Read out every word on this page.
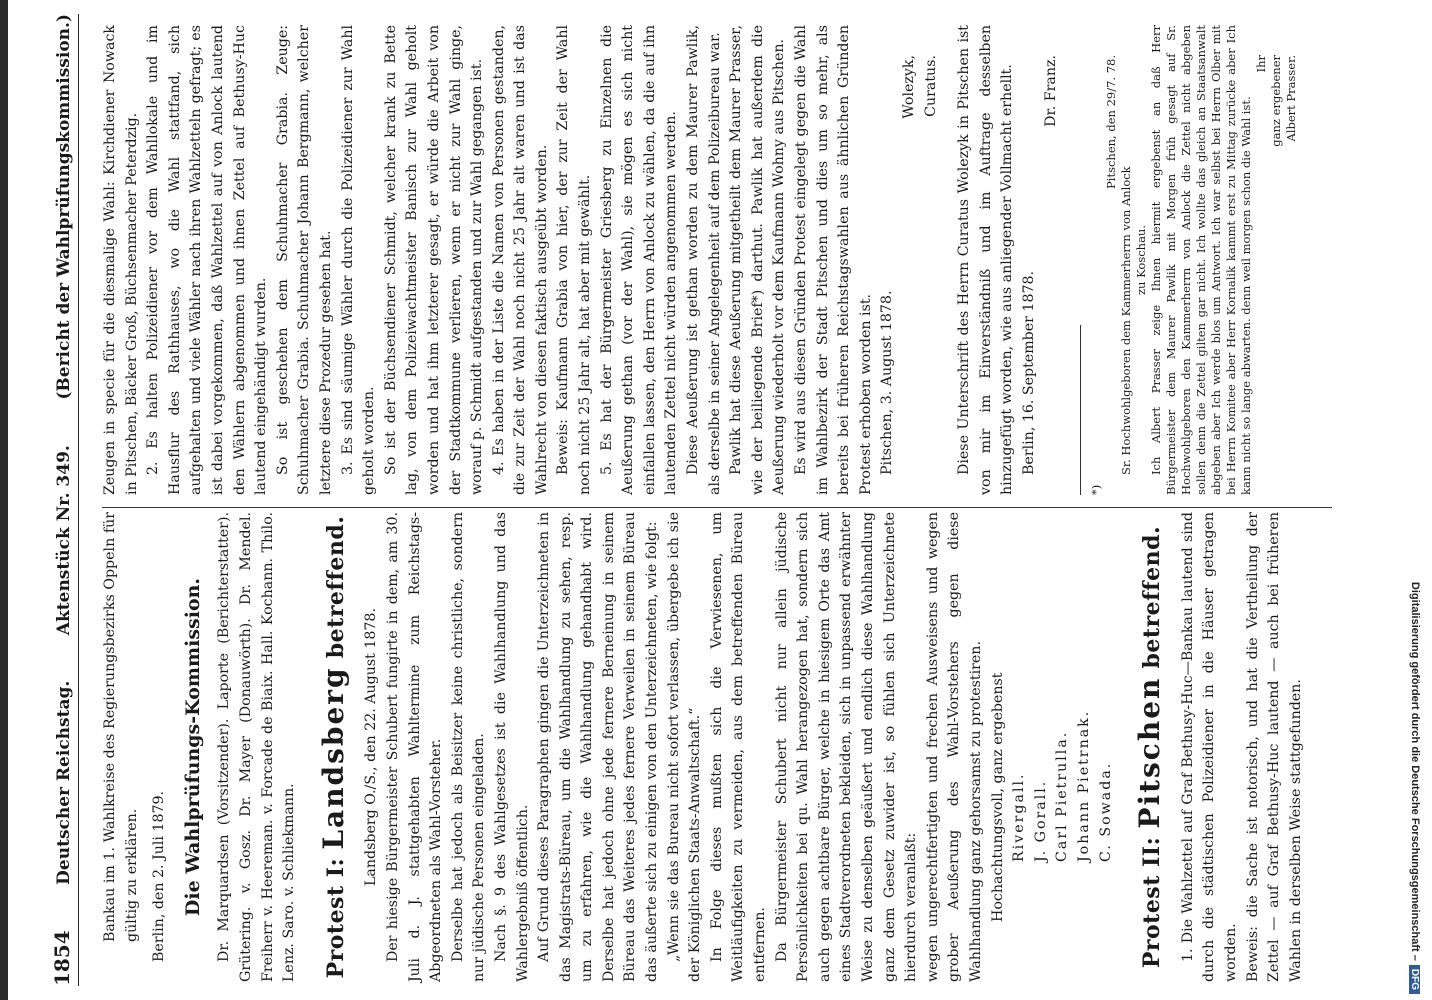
Digitalisierung gefördert durch die Deutsche Forschungsgemeinschaft –
DFG
1854
Deutscher Reichstag.
Aktenstück Nr. 349.
(Bericht der Wahlprüfungskommission.)

Bankau im 1. Wahlkreise des Regierungsbezirks Oppeln für gültig zu erklären. Berlin, den 2. Juli 1879. Die Wahlprüfungs-Kommission. Dr. Marquardsen (Vorsitzender). Laporte (Berichterstatter). Grütering. v. Gosz. Dr. Mayer (Donauwörth). Dr. Mendel. Freiherr v. Heereman. v. Forcade de Biaix. Hall. Kochann. Thilo. Lenz. Saro. v. Schliekmann. Protest I: Landsberg betreffend.

Landsberg O./S., den 22. August 1878. Der hiesige Bürgermeister Schubert fungirte in dem, am 30. Juli d. J. stattgehabten Wahltermine zum Reichstags-Abgeordneten als Wahl-Vorsteher. Derselbe hat jedoch als Beisitzer keine christliche, sondern nur jüdische Personen eingeladen. Nach §. 9 des Wahlgesetzes ist die Wahlhandlung und das Wahlergebniß öffentlich. Auf Grund dieses Paragraphen gingen die Unterzeichneten in das Magistrats-Büreau, um die Wahlhandlung zu sehen, resp. um zu erfahren, wie die Wahlhandlung gehandhabt wird. Derselbe hat jedoch ohne jede fernere Berneinung in seinem Büreau das Weiteres jedes fernere Verweilen in seinem Büreau das äußerte sich zu einigen von den Unterzeichneten, wie folgt: „Wenn sie das Bureau nicht sofort verlassen, übergebe ich sie der Königlichen Staats-Anwaltschaft.“ In Folge dieses mußten sich die Verwiesenen, um Weitläufigkeiten zu vermeiden, aus dem betreffenden Büreau entfernen. Da Bürgermeister Schubert nicht nur allein jüdische Persönlichkeiten bei qu. Wahl herangezogen hat, sondern sich auch gegen achtbare Bürger, welche in hiesigem Orte das Amt eines Stadtverordneten bekleiden, sich in unpassend erwähnter Weise zu denselben geäußert und endlich diese Wahlhandlung ganz dem Gesetz zuwider ist, so fühlen sich Unterzeichnete hierdurch veranlaßt: wegen ungerechtfertigten und frechen Ausweisens und wegen grober Aeußerung des Wahl-Vorstehers gegen diese Wahlhandlung ganz gehorsamst zu protestiren. Hochachtungsvoll, ganz ergebenst Rivergall. J. Gorall. Carl Pietrulla. Johann Pietrnak. C. Sowada.
Protest II: Pitschen betreffend. 1. Die Wahlzettel auf Graf Bethusy-Huc—Bankau lautend sind durch die städtischen Polizeidiener in die Häuser getragen worden. Beweis: die Sache ist notorisch, und hat die Vertheilung der Zettel — auf Graf Bethusy-Huc lautend — auch bei früheren Wahlen in derselben Weise stattgefunden.

Zeugen in specie für die diesmalige Wahl: Kirchdiener Nowack in Pitschen, Bäcker Groß, Büchsenmacher Peterdzig. 2. Es halten Polizeidiener vor dem Wahllokale und im Hausflur des Rathhauses, wo die Wahl stattfand, sich aufgehalten und viele Wähler nach ihren Wahlzetteln gefragt; es ist dabei vorgekommen, daß Wahlzettel auf von Anlock lautend den Wählern abgenommen und ihnen Zettel auf Bethusy-Huc lautend eingehändigt wurden. So ist geschehen dem Schuhmacher Grabia. Zeuge: Schuhmacher Grabia. Schuhmacher Johann Bergmann, welcher letztere diese Prozedur gesehen hat. 3. Es sind säumige Wähler durch die Polizeidiener zur Wahl geholt worden. So ist der Büchsendiener Schmidt, welcher krank zu Bette lag, von dem Polizeiwachtmeister Banisch zur Wahl geholt worden und hat ihm letzterer gesagt, er würde die Arbeit von der Stadtkommune verlieren, wenn er nicht zur Wahl ginge, worauf p. Schmidt aufgestanden und zur Wahl gegangen ist. 4. Es haben in der Liste die Namen von Personen gestanden, die zur Zeit der Wahl noch nicht 25 Jahr alt waren und ist das Wahlrecht von diesen faktisch ausgeübt worden. Beweis: Kaufmann Grabia von hier, der zur Zeit der Wahl noch nicht 25 Jahr alt, hat aber mit gewählt. 5. Es hat der Bürgermeister Griesberg zu Einzelnen die Aeußerung gethan (vor der Wahl), sie mögen es sich nicht einfallen lassen, den Herrn von Anlock zu wählen, da die auf ihn lautenden Zettel nicht würden angenommen werden. Diese Aeußerung ist gethan worden zu dem Maurer Pawlik, als derselbe in seiner Angelegenheit auf dem Polizeibureau war. Pawlik hat diese Aeußerung mitgetheilt dem Maurer Prasser, wie der beiliegende Brief*) darthut. Pawlik hat außerdem die Aeußerung wiederholt vor dem Kaufmann Wohny aus Pitschen. Es wird aus diesen Gründen Protest eingelegt gegen die Wahl im Wahlbezirk der Stadt Pitschen und dies um so mehr, als bereits bei früheren Reichstagswahlen aus ähnlichen Gründen Protest erhoben worden ist. Pitschen, 3. August 1878.

Wolezyk, Curatus. Diese Unterschrift des Herrn Curatus Wolezyk in Pitschen ist von mir im Einverständniß und im Auftrage desselben hinzugefügt worden, wie aus anliegender Vollmacht erhellt. Berlin, 16. September 1878.

Dr. Franz.

*)
Pitschen, den 29/7. 78.
Sr. Hochwohlgeboren dem Kammerherrn von Anlock zu Koschau. Ich Albert Prasser zeige Ihnen hiermit ergebenst an daß Herr Bürgermeister dem Maurer Pawlik mit Morgen früh gesagt auf Sr. Hochwohlgeboren den Kammerherrn von Anlock die Zettel nicht abgeben sollen denn die Zettel gilten gar nicht. Ich wollte das gleich an Staatsanwalt abgeben aber Ich werde blos um Antwort. Ich war selbst bei Herrn Olber mit bei Herrn Komitee aber Herr Kornalik kammt erst zu Mittag zurücke aber Ich kann nicht so lange abwarten. denn weil morgen schon die Wahl ist.

Ihr ganz ergebener Albert Prasser.
